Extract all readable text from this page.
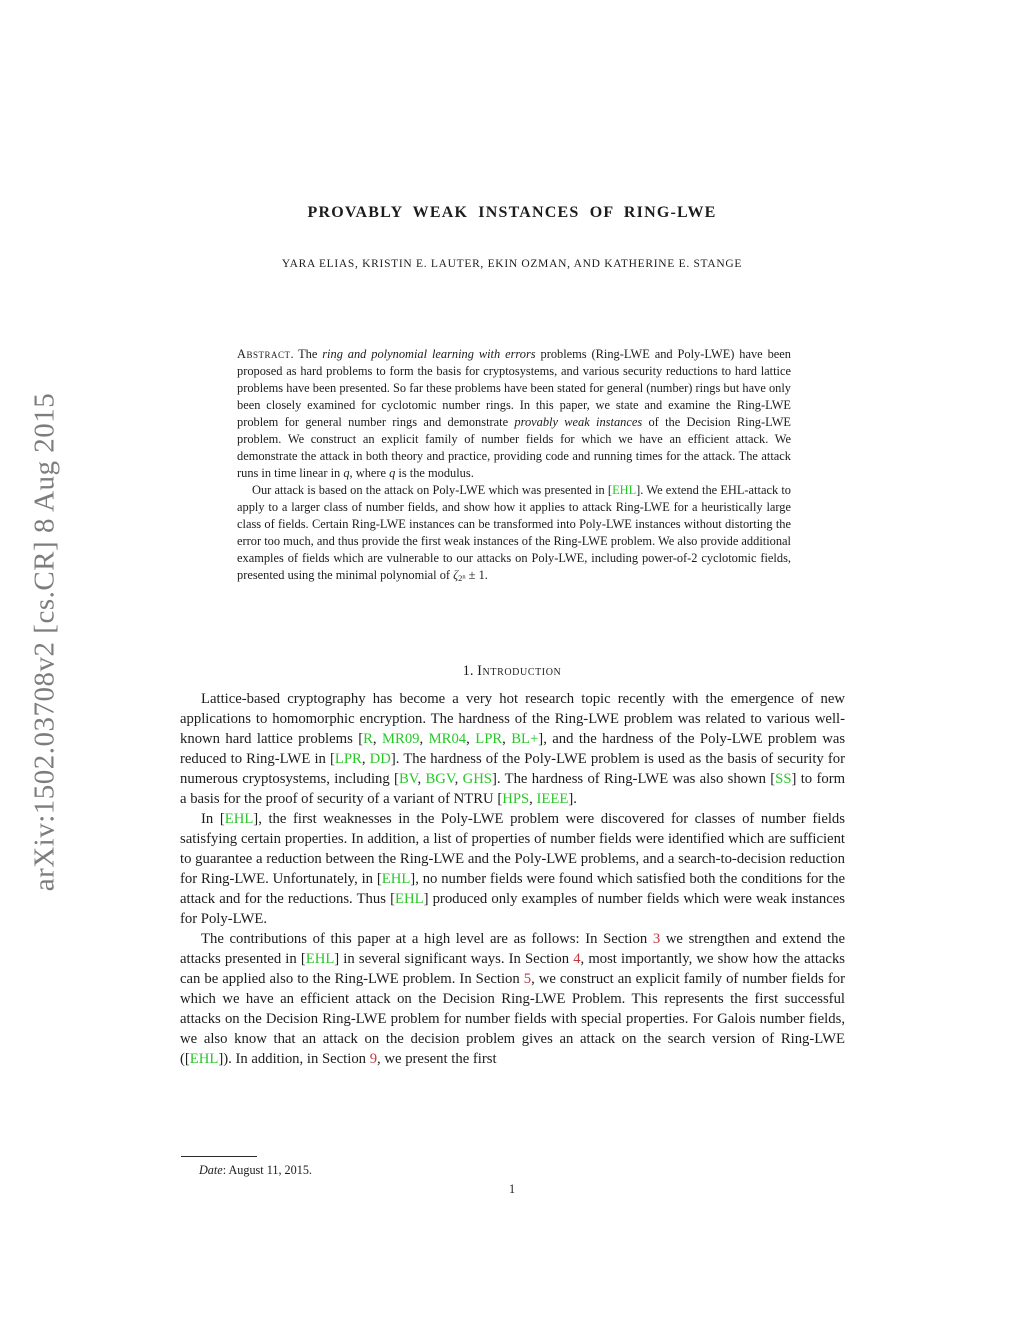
arXiv:1502.03708v2 [cs.CR] 8 Aug 2015
PROVABLY WEAK INSTANCES OF RING-LWE
YARA ELIAS, KRISTIN E. LAUTER, EKIN OZMAN, AND KATHERINE E. STANGE

Abstract. The ring and polynomial learning with errors problems (Ring-LWE and Poly-LWE) have been proposed as hard problems to form the basis for cryptosystems, and various security reductions to hard lattice problems have been presented. So far these problems have been stated for general (number) rings but have only been closely examined for cyclotomic number rings. In this paper, we state and examine the Ring-LWE problem for general number rings and demonstrate provably weak instances of the Decision Ring-LWE problem. We construct an explicit family of number fields for which we have an efficient attack. We demonstrate the attack in both theory and practice, providing code and running times for the attack. The attack runs in time linear in q, where q is the modulus.

Our attack is based on the attack on Poly-LWE which was presented in [EHL]. We extend the EHL-attack to apply to a larger class of number fields, and show how it applies to attack Ring-LWE for a heuristically large class of fields. Certain Ring-LWE instances can be transformed into Poly-LWE instances without distorting the error too much, and thus provide the first weak instances of the Ring-LWE problem. We also provide additional examples of fields which are vulnerable to our attacks on Poly-LWE, including power-of-2 cyclotomic fields, presented using the minimal polynomial of ζ2n ± 1.

1. Introduction

Lattice-based cryptography has become a very hot research topic recently with the emergence of new applications to homomorphic encryption. The hardness of the Ring-LWE problem was related to various well-known hard lattice problems [R, MR09, MR04, LPR, BL+], and the hardness of the Poly-LWE problem was reduced to Ring-LWE in [LPR, DD]. The hardness of the Poly-LWE problem is used as the basis of security for numerous cryptosystems, including [BV, BGV, GHS]. The hardness of Ring-LWE was also shown [SS] to form a basis for the proof of security of a variant of NTRU [HPS, IEEE].

In [EHL], the first weaknesses in the Poly-LWE problem were discovered for classes of number fields satisfying certain properties. In addition, a list of properties of number fields were identified which are sufficient to guarantee a reduction between the Ring-LWE and the Poly-LWE problems, and a search-to-decision reduction for Ring-LWE. Unfortunately, in [EHL], no number fields were found which satisfied both the conditions for the attack and for the reductions. Thus [EHL] produced only examples of number fields which were weak instances for Poly-LWE.

The contributions of this paper at a high level are as follows: In Section 3 we strengthen and extend the attacks presented in [EHL] in several significant ways. In Section 4, most importantly, we show how the attacks can be applied also to the Ring-LWE problem. In Section 5, we construct an explicit family of number fields for which we have an efficient attack on the Decision Ring-LWE Problem. This represents the first successful attacks on the Decision Ring-LWE problem for number fields with special properties. For Galois number fields, we also know that an attack on the decision problem gives an attack on the search version of Ring-LWE ([EHL]). In addition, in Section 9, we present the first

Date: August 11, 2015.
1
